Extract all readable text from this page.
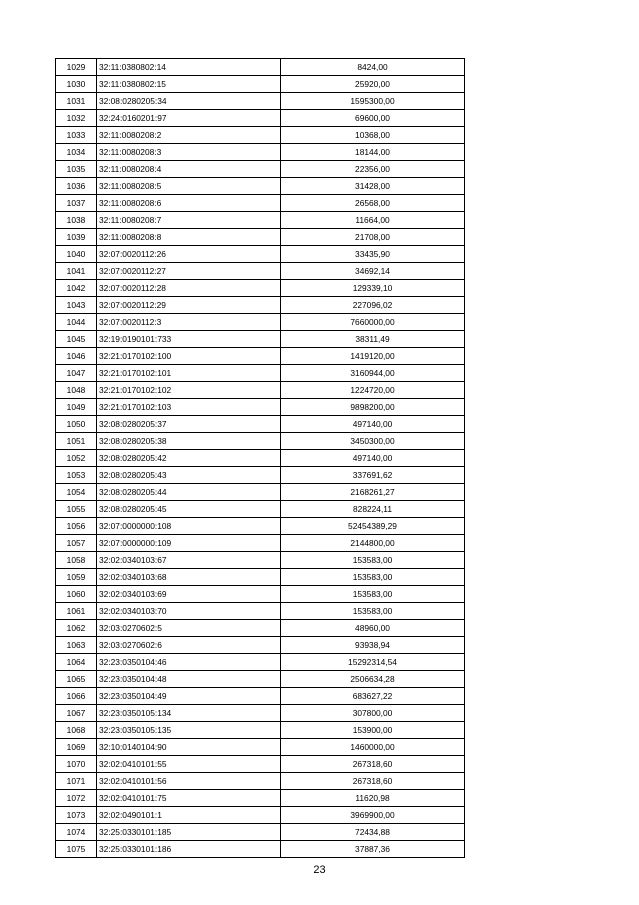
1029	32:11:0380802:14	8424,00
1030	32:11:0380802:15	25920,00
1031	32:08:0280205:34	1595300,00
1032	32:24:0160201:97	69600,00
1033	32:11:0080208:2	10368,00
1034	32:11:0080208:3	18144,00
1035	32:11:0080208:4	22356,00
1036	32:11:0080208:5	31428,00
1037	32:11:0080208:6	26568,00
1038	32:11:0080208:7	11664,00
1039	32:11:0080208:8	21708,00
1040	32:07:0020112:26	33435,90
1041	32:07:0020112:27	34692,14
1042	32:07:0020112:28	129339,10
1043	32:07:0020112:29	227096,02
1044	32:07:0020112:3	7660000,00
1045	32:19:0190101:733	38311,49
1046	32:21:0170102:100	1419120,00
1047	32:21:0170102:101	3160944,00
1048	32:21:0170102:102	1224720,00
1049	32:21:0170102:103	9898200,00
1050	32:08:0280205:37	497140,00
1051	32:08:0280205:38	3450300,00
1052	32:08:0280205:42	497140,00
1053	32:08:0280205:43	337691,62
1054	32:08:0280205:44	2168261,27
1055	32:08:0280205:45	828224,11
1056	32:07:0000000:108	52454389,29
1057	32:07:0000000:109	2144800,00
1058	32:02:0340103:67	153583,00
1059	32:02:0340103:68	153583,00
1060	32:02:0340103:69	153583,00
1061	32:02:0340103:70	153583,00
1062	32:03:0270602:5	48960,00
1063	32:03:0270602:6	93938,94
1064	32:23:0350104:46	15292314,54
1065	32:23:0350104:48	2506634,28
1066	32:23:0350104:49	683627,22
1067	32:23:0350105:134	307800,00
1068	32:23:0350105:135	153900,00
1069	32:10:0140104:90	1460000,00
1070	32:02:0410101:55	267318,60
1071	32:02:0410101:56	267318,60
1072	32:02:0410101:75	11620,98
1073	32:02:0490101:1	3969900,00
1074	32:25:0330101:185	72434,88
1075	32:25:0330101:186	37887,36
23
